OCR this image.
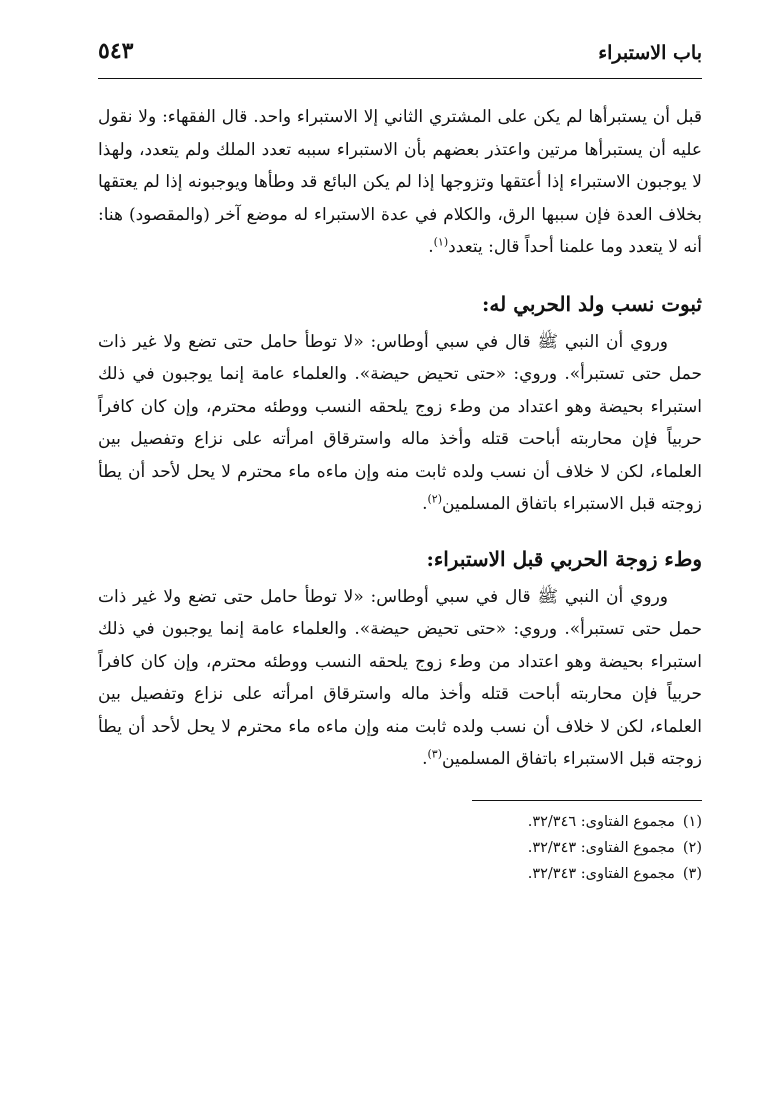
باب الاستبراء
٥٤٣

قبل أن يستبرأها لم يكن على المشتري الثاني إلا الاستبراء واحد. قال الفقهاء: ولا نقول عليه أن يستبرأها مرتين واعتذر بعضهم بأن الاستبراء سببه تعدد الملك ولم يتعدد، ولهذا لا يوجبون الاستبراء إذا أعتقها وتزوجها إذا لم يكن البائع قد وطأها ويوجبونه إذا لم يعتقها بخلاف العدة فإن سببها الرق، والكلام في عدة الاستبراء له موضع آخر (والمقصود) هنا: أنه لا يتعدد وما علمنا أحداً قال: يتعدد$^{(١)}$.

ثبوت نسب ولد الحربي له:

وروي أن النبي ﷺ قال في سبي أوطاس: «لا توطأ حامل حتى تضع ولا غير ذات حمل حتى تستبرأ». وروي: «حتى تحيض حيضة». والعلماء عامة إنما يوجبون في ذلك استبراء بحيضة وهو اعتداد من وطء زوج يلحقه النسب ووطئه محترم، وإن كان كافراً حربياً فإن محاربته أباحت قتله وأخذ ماله واسترقاق امرأته على نزاع وتفصيل بين العلماء، لكن لا خلاف أن نسب ولده ثابت منه وإن ماءه ماء محترم لا يحل لأحد أن يطأ زوجته قبل الاستبراء باتفاق المسلمين$^{(٢)}$.

وطء زوجة الحربي قبل الاستبراء:

وروي أن النبي ﷺ قال في سبي أوطاس: «لا توطأ حامل حتى تضع ولا غير ذات حمل حتى تستبرأ». وروي: «حتى تحيض حيضة». والعلماء عامة إنما يوجبون في ذلك استبراء بحيضة وهو اعتداد من وطء زوج يلحقه النسب ووطئه محترم، وإن كان كافراً حربياً فإن محاربته أباحت قتله وأخذ ماله واسترقاق امرأته على نزاع وتفصيل بين العلماء، لكن لا خلاف أن نسب ولده ثابت منه وإن ماءه ماء محترم لا يحل لأحد أن يطأ زوجته قبل الاستبراء باتفاق المسلمين$^{(٣)}$.

(١)مجموع الفتاوى: ٣٢/٣٤٦.
(٢)مجموع الفتاوى: ٣٢/٣٤٣.
(٣)مجموع الفتاوى: ٣٢/٣٤٣.
